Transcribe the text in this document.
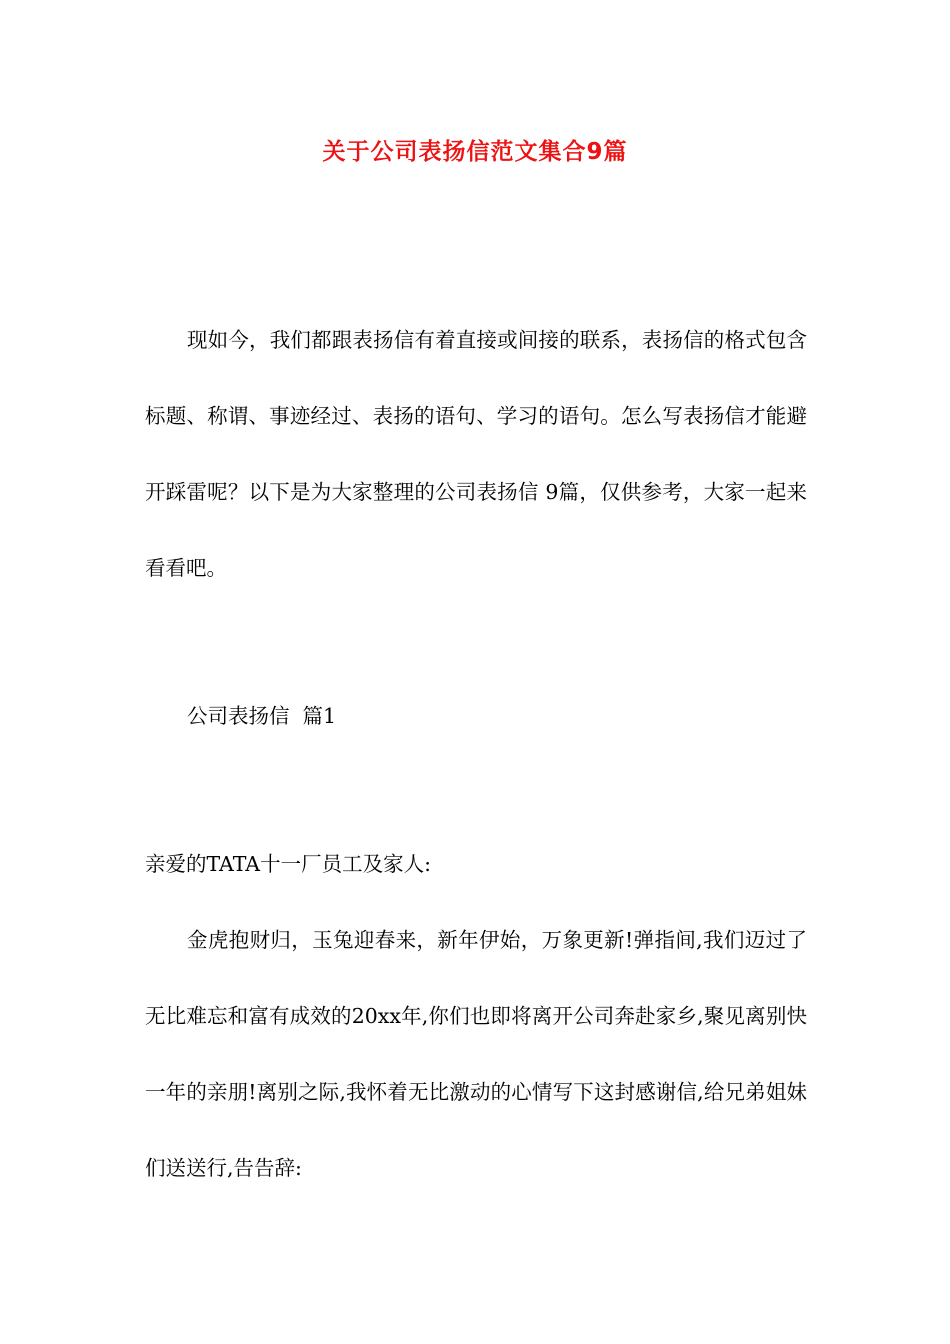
关于公司表扬信范文集合9篇

现如今，我们都跟表扬信有着直接或间接的联系，表扬信的格式包含标题、称谓、事迹经过、表扬的语句、学习的语句。怎么写表扬信才能避开踩雷呢？以下是为大家整理的公司表扬信 9篇，仅供参考，大家一起来看看吧。

公司表扬信  篇1

亲爱的TATA十一厂员工及家人:

金虎抱财归，玉兔迎春来，新年伊始，万象更新!弹指间,我们迈过了无比难忘和富有成效的20xx年,你们也即将离开公司奔赴家乡,聚见离别快一年的亲朋!离别之际,我怀着无比激动的心情写下这封感谢信,给兄弟姐妹们送送行,告告辞:
